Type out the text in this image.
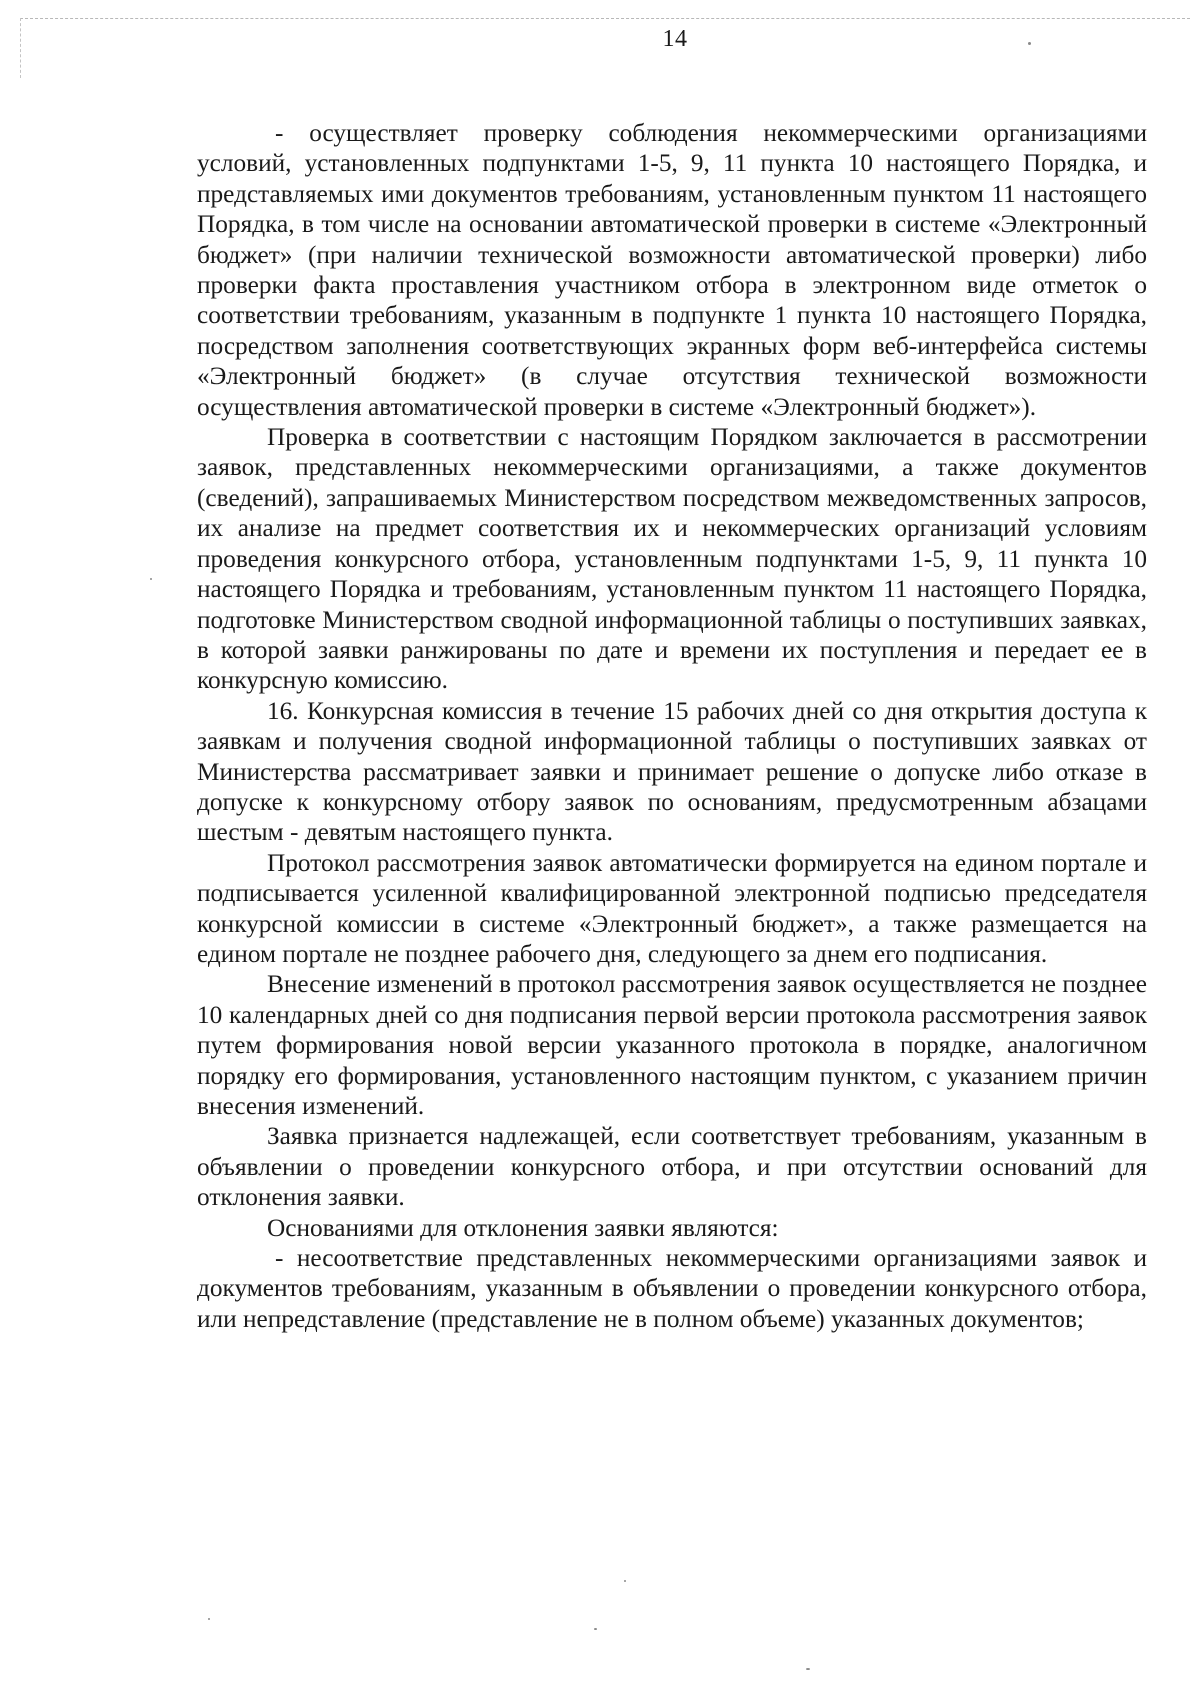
14

- осуществляет проверку соблюдения некоммерческими организациями условий, установленных подпунктами 1-5, 9, 11 пункта 10 настоящего Порядка, и представляемых ими документов требованиям, установленным пунктом 11 настоящего Порядка, в том числе на основании автоматической проверки в системе «Электронный бюджет» (при наличии технической возможности автоматической проверки) либо проверки факта проставления участником отбора в электронном виде отметок о соответствии требованиям, указанным в подпункте 1 пункта 10 настоящего Порядка, посредством заполнения соответствующих экранных форм веб-интерфейса системы «Электронный бюджет» (в случае отсутствия технической возможности осуществления автоматической проверки в системе «Электронный бюджет»).

Проверка в соответствии с настоящим Порядком заключается в рассмотрении заявок, представленных некоммерческими организациями, а также документов (сведений), запрашиваемых Министерством посредством межведомственных запросов, их анализе на предмет соответствия их и некоммерческих организаций условиям проведения конкурсного отбора, установленным подпунктами 1-5, 9, 11 пункта 10 настоящего Порядка и требованиям, установленным пунктом 11 настоящего Порядка, подготовке Министерством сводной информационной таблицы о поступивших заявках, в которой заявки ранжированы по дате и времени их поступления и передает ее в конкурсную комиссию.

16. Конкурсная комиссия в течение 15 рабочих дней со дня открытия доступа к заявкам и получения сводной информационной таблицы о поступивших заявках от Министерства рассматривает заявки и принимает решение о допуске либо отказе в допуске к конкурсному отбору заявок по основаниям, предусмотренным абзацами шестым - девятым настоящего пункта.

Протокол рассмотрения заявок автоматически формируется на едином портале и подписывается усиленной квалифицированной электронной подписью председателя конкурсной комиссии в системе «Электронный бюджет», а также размещается на едином портале не позднее рабочего дня, следующего за днем его подписания.

Внесение изменений в протокол рассмотрения заявок осуществляется не позднее 10 календарных дней со дня подписания первой версии протокола рассмотрения заявок путем формирования новой версии указанного протокола в порядке, аналогичном порядку его формирования, установленного настоящим пунктом, с указанием причин внесения изменений.

Заявка признается надлежащей, если соответствует требованиям, указанным в объявлении о проведении конкурсного отбора, и при отсутствии оснований для отклонения заявки.

Основаниями для отклонения заявки являются:

- несоответствие представленных некоммерческими организациями заявок и документов требованиям, указанным в объявлении о проведении конкурсного отбора, или непредставление (представление не в полном объеме) указанных документов;
